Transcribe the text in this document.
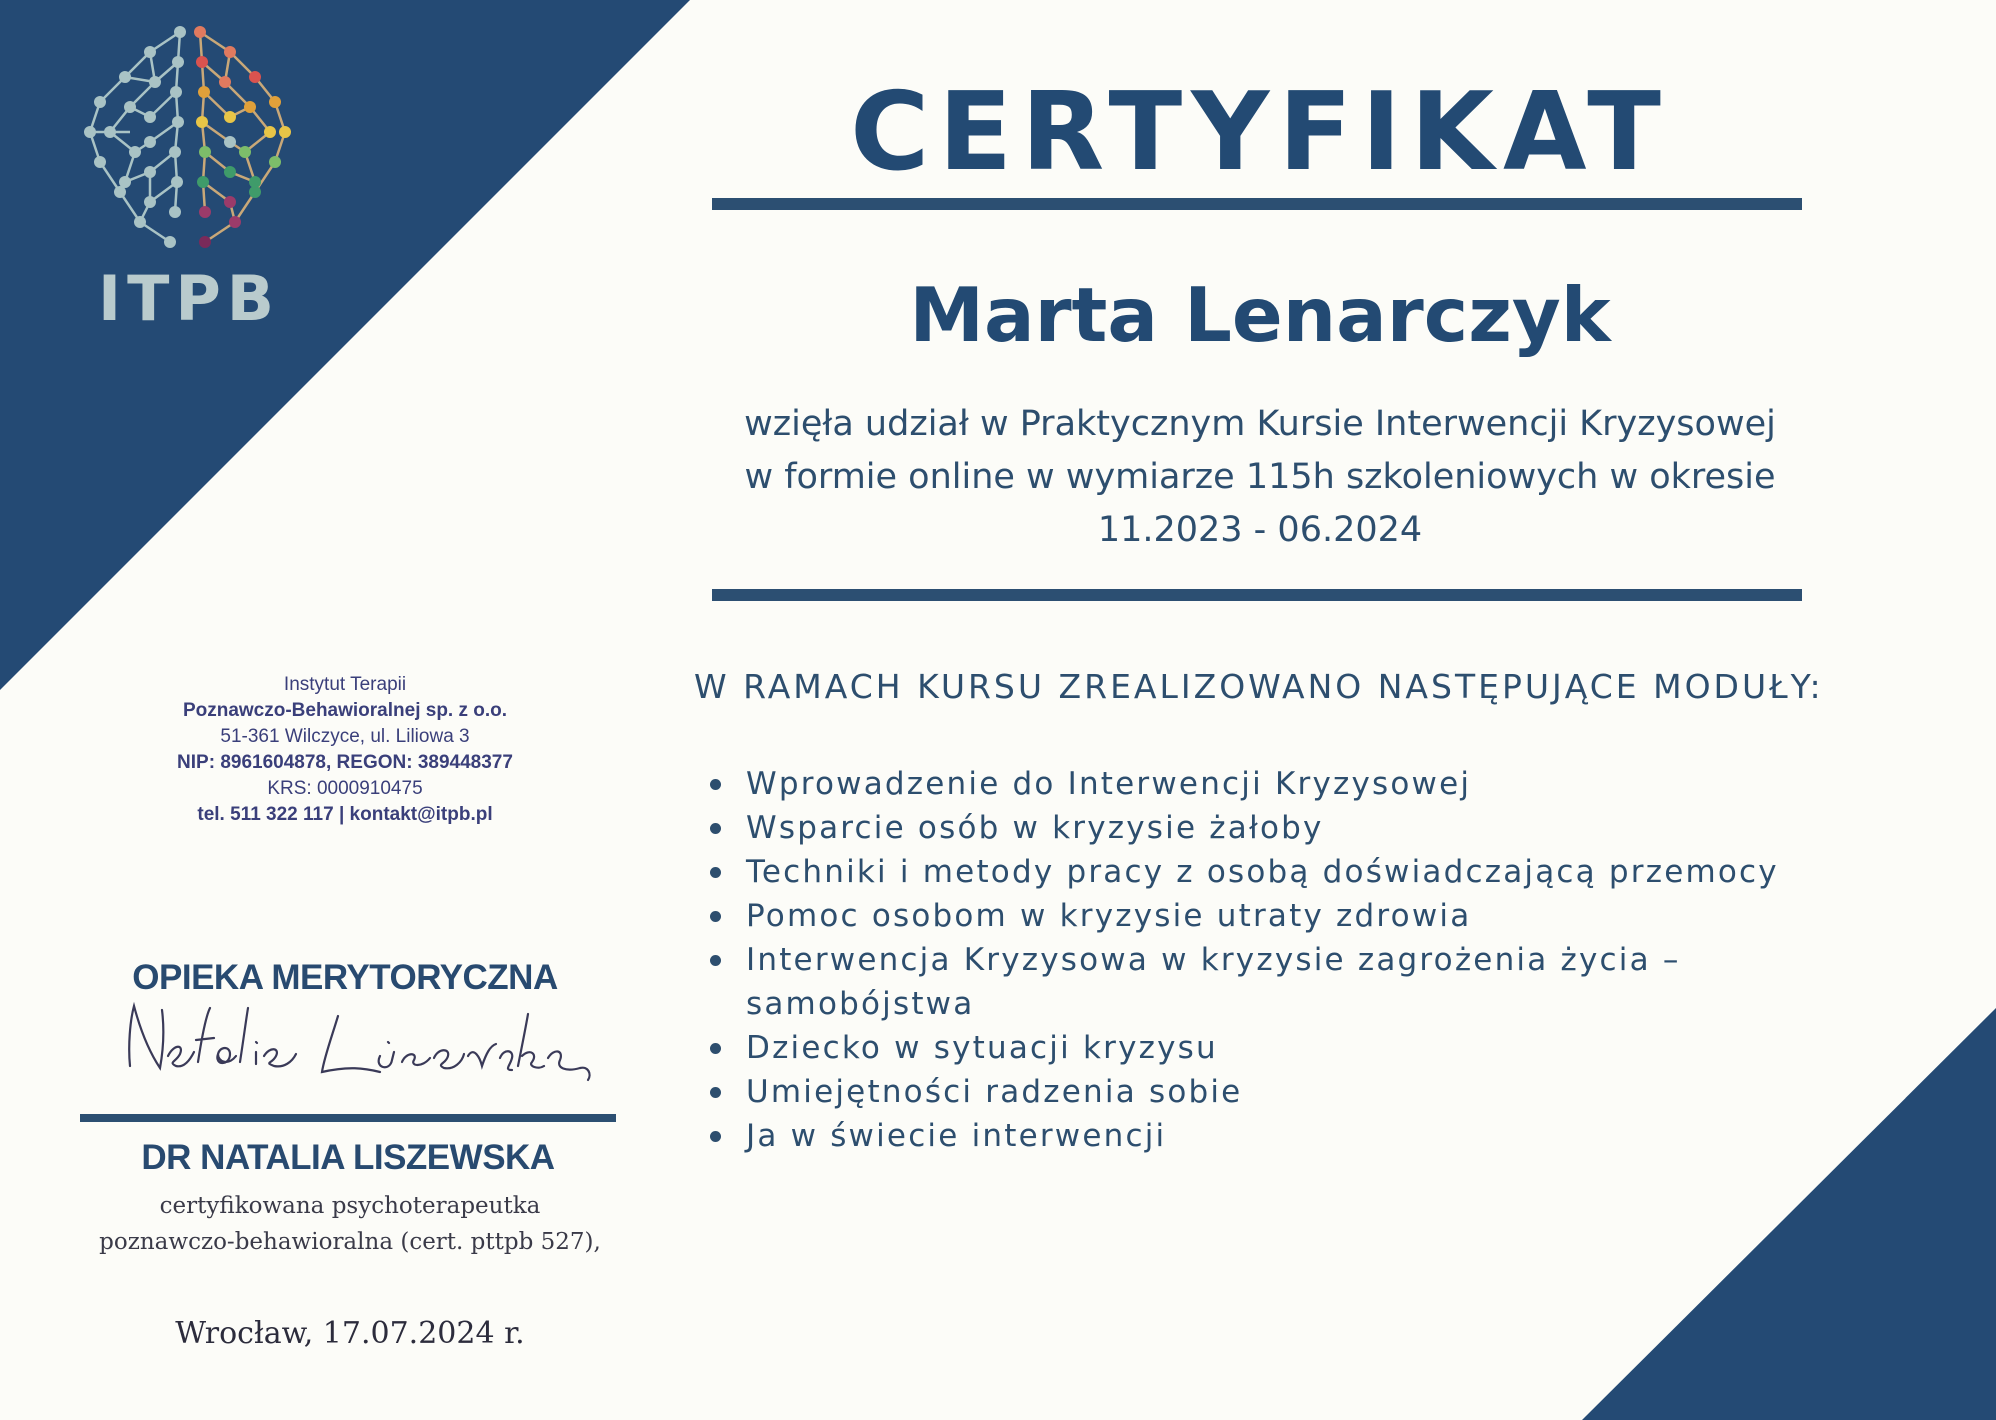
ITPB
CERTYFIKAT
Marta Lenarczyk
wzięła udział w Praktycznym Kursie Interwencji Kryzysowej
w formie online w wymiarze 115h szkoleniowych w okresie
11.2023 - 06.2024
W RAMACH KURSU ZREALIZOWANO NASTĘPUJĄCE MODUŁY:
Wprowadzenie do Interwencji Kryzysowej
Wsparcie osób w kryzysie żałoby
Techniki i metody pracy z osobą doświadczającą przemocy
Pomoc osobom w kryzysie utraty zdrowia
Interwencja Kryzysowa w kryzysie zagrożenia życia –
samobójstwa
Dziecko w sytuacji kryzysu
Umiejętności radzenia sobie
Ja w świecie interwencji
Instytut Terapii
Poznawczo-Behawioralnej sp. z o.o.
51-361 Wilczyce, ul. Liliowa 3
NIP: 8961604878, REGON: 389448377
KRS: 0000910475
tel. 511 322 117 | kontakt@itpb.pl
OPIEKA MERYTORYCZNA
DR NATALIA LISZEWSKA
certyfikowana psychoterapeutka
poznawczo-behawioralna (cert. pttpb 527),
Wrocław, 17.07.2024 r.
